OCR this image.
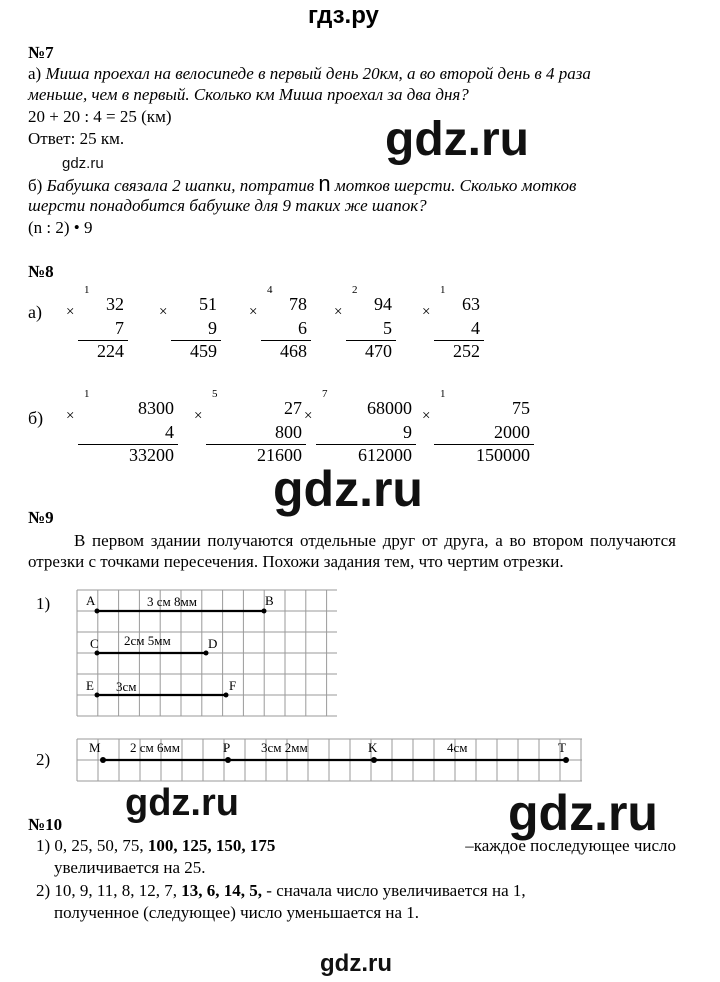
гдз.ру
№7
а) Миша проехал на велосипеде в первый день 20км, а во второй день в 4 раза
меньше, чем в первый. Сколько км Миша проехал за два дня?
20 + 20 : 4 = 25 (км)
Ответ: 25 км.	gdz.ru
gdz.ru
б) Бабушка связала 2 шапки, потратив n мотков шерсти. Сколько мотков
шерсти понадобится бабушке для 9 таких же шапок?
(n : 2) • 9
№8
а)
б)
1
×	32
7
224
×	51
9
459
4
×	78
6
468
2
×	94
5
470
1
×	63
4
252
1
×	8300
4
33200
5
×	27
800
21600
7
×	68000
9
612000
1
×	75
2000
150000
gdz.ru
№9
В первом здании получаются отдельные друг от друга, а во втором получаются отрезки с точками пересечения. Похожи задания тем, что чертим отрезки.
1)
2)
A	B
3 см 8мм
C	D
2см 5мм
E	F
3см
M	P	K	T
2 см 6мм	3см 2мм	4см
gdz.ru	gdz.ru
№10
1) 0, 25, 50, 75, 100, 125, 150, 175	–каждое последующее число
увеличивается на 25.
2) 10, 9, 11, 8, 12, 7, 13, 6, 14, 5, - сначала число увеличивается на 1,
полученное (следующее) число уменьшается на 1.
gdz.ru
